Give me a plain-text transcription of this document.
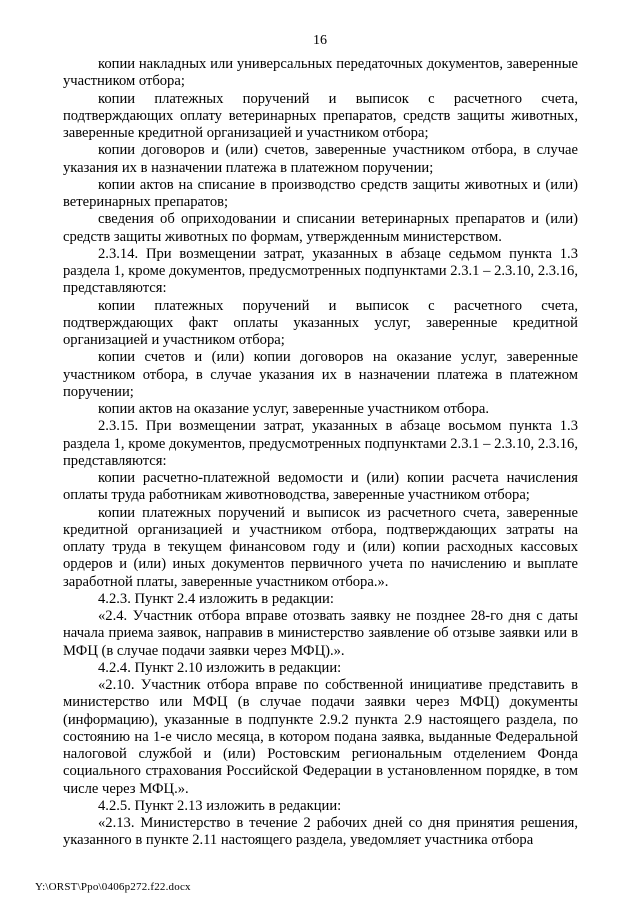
16

копии накладных или универсальных передаточных документов, заверенные участником отбора;

копии платежных поручений и выписок с расчетного счета, подтверждающих оплату ветеринарных препаратов, средств защиты животных, заверенные кредитной организацией и участником отбора;

копии договоров и (или) счетов, заверенные участником отбора, в случае указания их в назначении платежа в платежном поручении;

копии актов на списание в производство средств защиты животных и (или) ветеринарных препаратов;

сведения об оприходовании и списании ветеринарных препаратов и (или) средств защиты животных по формам, утвержденным министерством.

2.3.14. При возмещении затрат, указанных в абзаце седьмом пункта 1.3 раздела 1, кроме документов, предусмотренных подпунктами 2.3.1 – 2.3.10, 2.3.16, представляются:

копии платежных поручений и выписок с расчетного счета, подтверждающих факт оплаты указанных услуг, заверенные кредитной организацией и участником отбора;

копии счетов и (или) копии договоров на оказание услуг, заверенные участником отбора, в случае указания их в назначении платежа в платежном поручении;

копии актов на оказание услуг, заверенные участником отбора.

2.3.15. При возмещении затрат, указанных в абзаце восьмом пункта 1.3 раздела 1, кроме документов, предусмотренных подпунктами 2.3.1 – 2.3.10, 2.3.16, представляются:

копии расчетно-платежной ведомости и (или) копии расчета начисления оплаты труда работникам животноводства, заверенные участником отбора;

копии платежных поручений и выписок из расчетного счета, заверенные кредитной организацией и участником отбора, подтверждающих затраты на оплату труда в текущем финансовом году и (или) копии расходных кассовых ордеров и (или) иных документов первичного учета по начислению и выплате заработной платы, заверенные участником отбора.».

4.2.3. Пункт 2.4 изложить в редакции:

«2.4. Участник отбора вправе отозвать заявку не позднее 28-го дня с даты начала приема заявок, направив в министерство заявление об отзыве заявки или в МФЦ (в случае подачи заявки через МФЦ).».

4.2.4. Пункт 2.10 изложить в редакции:

«2.10. Участник отбора вправе по собственной инициативе представить в министерство или МФЦ (в случае подачи заявки через МФЦ) документы (информацию), указанные в подпункте 2.9.2 пункта 2.9 настоящего раздела, по состоянию на 1-е число месяца, в котором подана заявка, выданные Федеральной налоговой службой и (или) Ростовским региональным отделением Фонда социального страхования Российской Федерации в установленном порядке, в том числе через МФЦ.».

4.2.5. Пункт 2.13 изложить в редакции:

«2.13. Министерство в течение 2 рабочих дней со дня принятия решения, указанного в пункте 2.11 настоящего раздела, уведомляет участника отбора

Y:\ORST\Ppo\0406p272.f22.docx
